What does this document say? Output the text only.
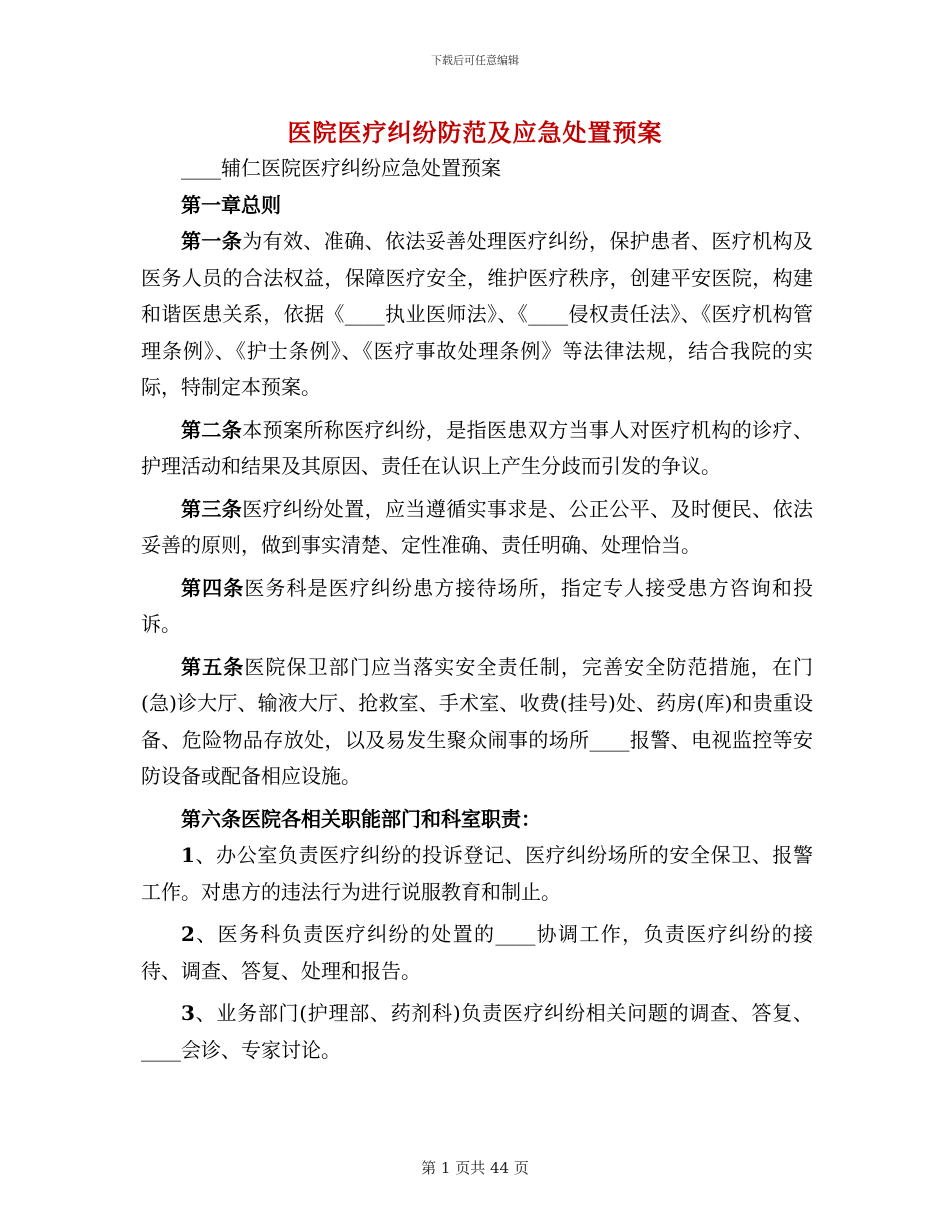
下载后可任意编辑
医院医疗纠纷防范及应急处置预案

____辅仁医院医疗纠纷应急处置预案

第一章总则

第一条为有效、准确、依法妥善处理医疗纠纷，保护患者、医疗机构及医务人员的合法权益，保障医疗安全，维护医疗秩序，创建平安医院，构建和谐医患关系，依据《____执业医师法》、《____侵权责任法》、《医疗机构管理条例》、《护士条例》、《医疗事故处理条例》等法律法规，结合我院的实际，特制定本预案。

第二条本预案所称医疗纠纷，是指医患双方当事人对医疗机构的诊疗、护理活动和结果及其原因、责任在认识上产生分歧而引发的争议。

第三条医疗纠纷处置，应当遵循实事求是、公正公平、及时便民、依法妥善的原则，做到事实清楚、定性准确、责任明确、处理恰当。

第四条医务科是医疗纠纷患方接待场所，指定专人接受患方咨询和投诉。

第五条医院保卫部门应当落实安全责任制，完善安全防范措施，在门(急)诊大厅、输液大厅、抢救室、手术室、收费(挂号)处、药房(库)和贵重设备、危险物品存放处，以及易发生聚众闹事的场所____报警、电视监控等安防设备或配备相应设施。

第六条医院各相关职能部门和科室职责：

1、办公室负责医疗纠纷的投诉登记、医疗纠纷场所的安全保卫、报警工作。对患方的违法行为进行说服教育和制止。

2、医务科负责医疗纠纷的处置的____协调工作，负责医疗纠纷的接待、调查、答复、处理和报告。

3、业务部门(护理部、药剂科)负责医疗纠纷相关问题的调查、答复、____会诊、专家讨论。

第 1 页共 44 页
